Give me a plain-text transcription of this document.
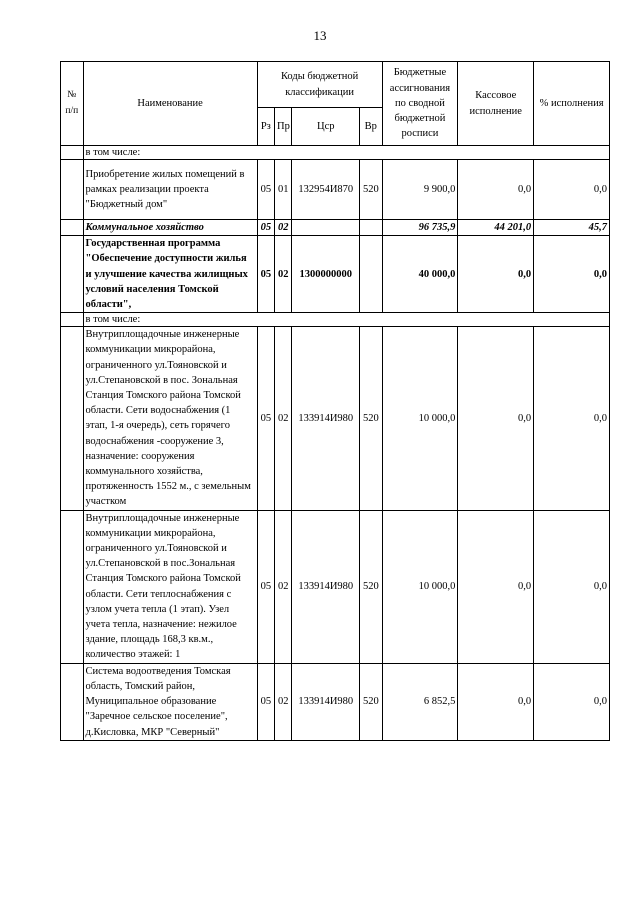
13
№ п/п	Наименование	Коды бюджетной классификации				Бюджетные ассигнования по сводной бюджетной росписи	Кассовое исполнение	% исполнения
		Рз	Пр	Цср	Вр			
	в том числе:							
	Приобретение жилых помещений в рамках реализации проекта "Бюджетный дом"	05	01	132954И870	520	9 900,0	0,0	0,0
	Коммунальное хозяйство	05	02			96 735,9	44 201,0	45,7
	Государственная программа "Обеспечение доступности жилья и улучшение качества жилищных условий населения Томской области",	05	02	1300000000		40 000,0	0,0	0,0
	в том числе:							
	Внутриплощадочные инженерные коммуникации микрорайона, ограниченного ул.Тояновской и ул.Степановской в пос. Зональная Станция Томского района Томской области. Сети водоснабжения (1 этап, 1-я очередь), сеть горячего водоснабжения -сооружение 3, назначение: сооружения коммунального хозяйства, протяженность 1552 м., с земельным участком	05	02	133914И980	520	10 000,0	0,0	0,0
	Внутриплощадочные инженерные коммуникации микрорайона, ограниченного ул.Тояновской и ул.Степановской в пос.Зональная Станция Томского района Томской области. Сети теплоснабжения с узлом учета тепла (1 этап). Узел учета тепла, назначение: нежилое здание, площадь 168,3 кв.м., количество этажей: 1	05	02	133914И980	520	10 000,0	0,0	0,0
	Система водоотведения Томская область, Томский район, Муниципальное образование "Заречное сельское поселение", д.Кисловка, МКР "Северный"	05	02	133914И980	520	6 852,5	0,0	0,0
